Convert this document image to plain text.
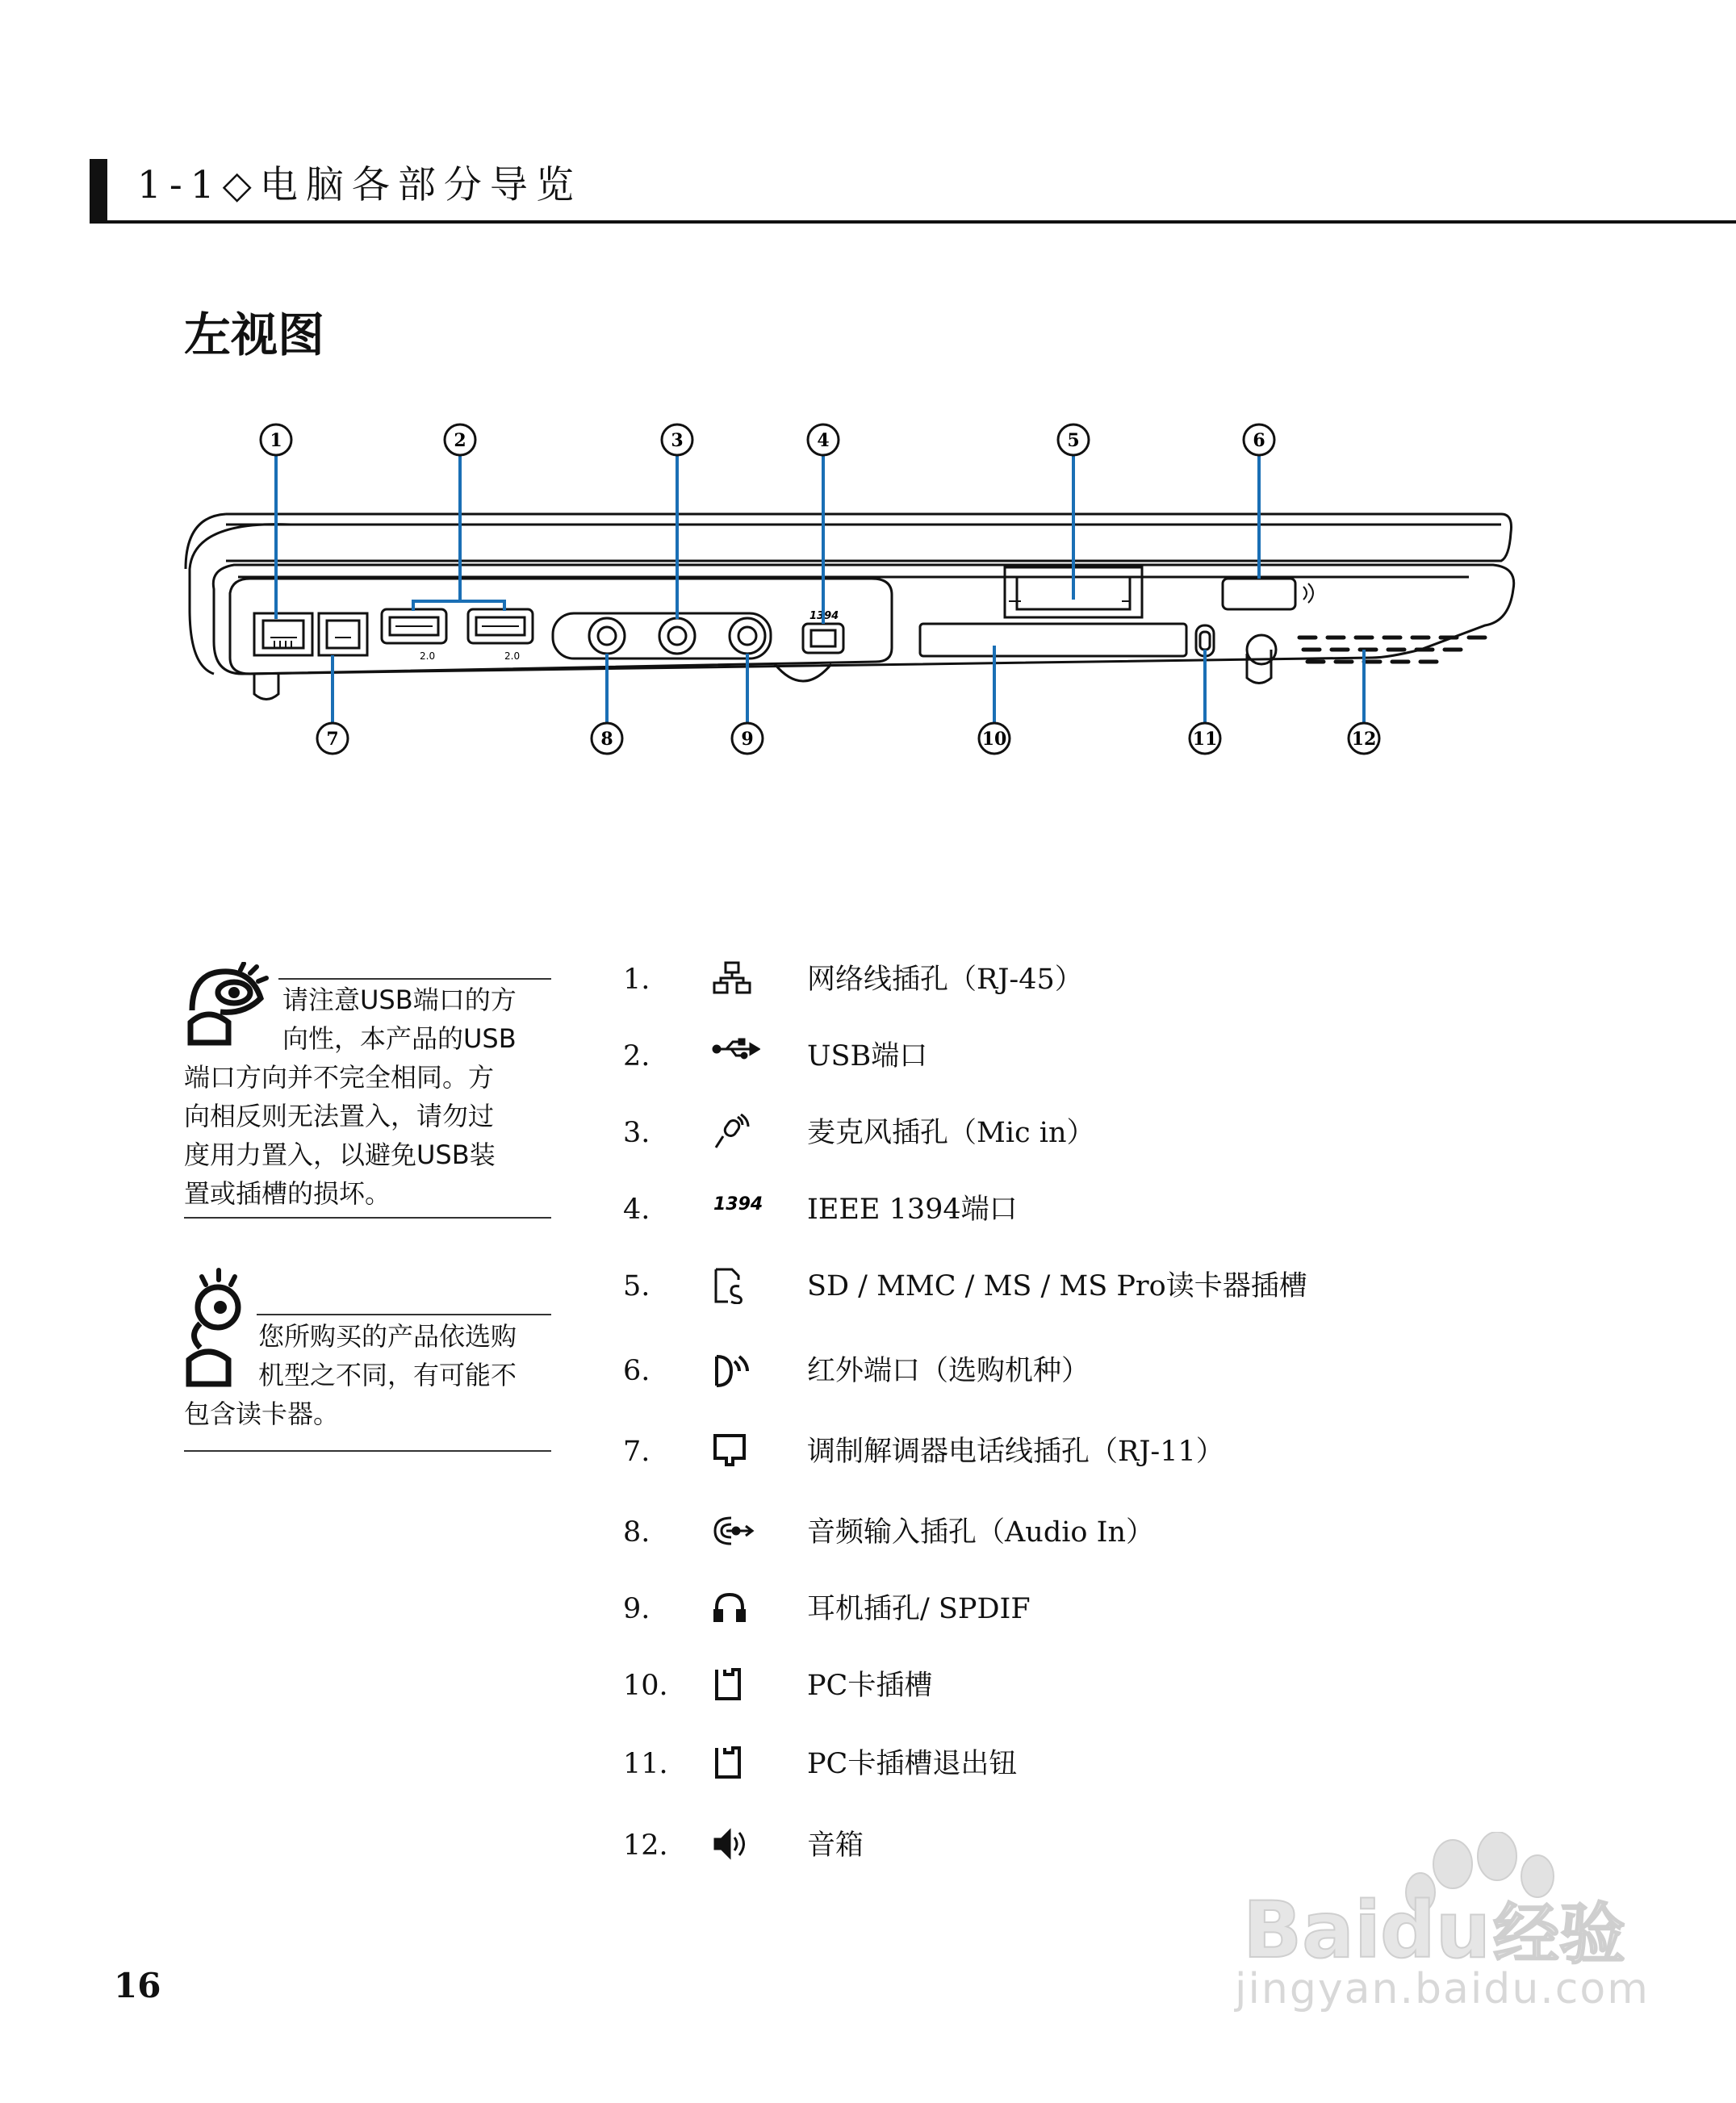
1-1◇电脑各部分导览
左视图
2.0	2.0
1394
1	2	3	4	5	6
7	8	9	10	11	12
请注意USB端口的方
向性，本产品的USB
端口方向并不完全相同。方
向相反则无法置入，请勿过
度用力置入，以避免USB装
置或插槽的损坏。
您所购买的产品依选购
机型之不同，有可能不
包含读卡器。
1.	网络线插孔（RJ-45）
2.	USB端口
3.	麦克风插孔（Mic in）
4.	1394 IEEE 1394端口
5.	SD / MMC / MS / MS Pro读卡器插槽
6.	红外端口（选购机种）
7.	调制解调器电话线插孔（RJ-11）
8.	音频输入插孔（Audio In）
9.	耳机插孔/ SPDIF
10.	PC卡插槽
11.	PC卡插槽退出钮
12.	音箱
16
Bai du 经验
jingyan.baidu.com
